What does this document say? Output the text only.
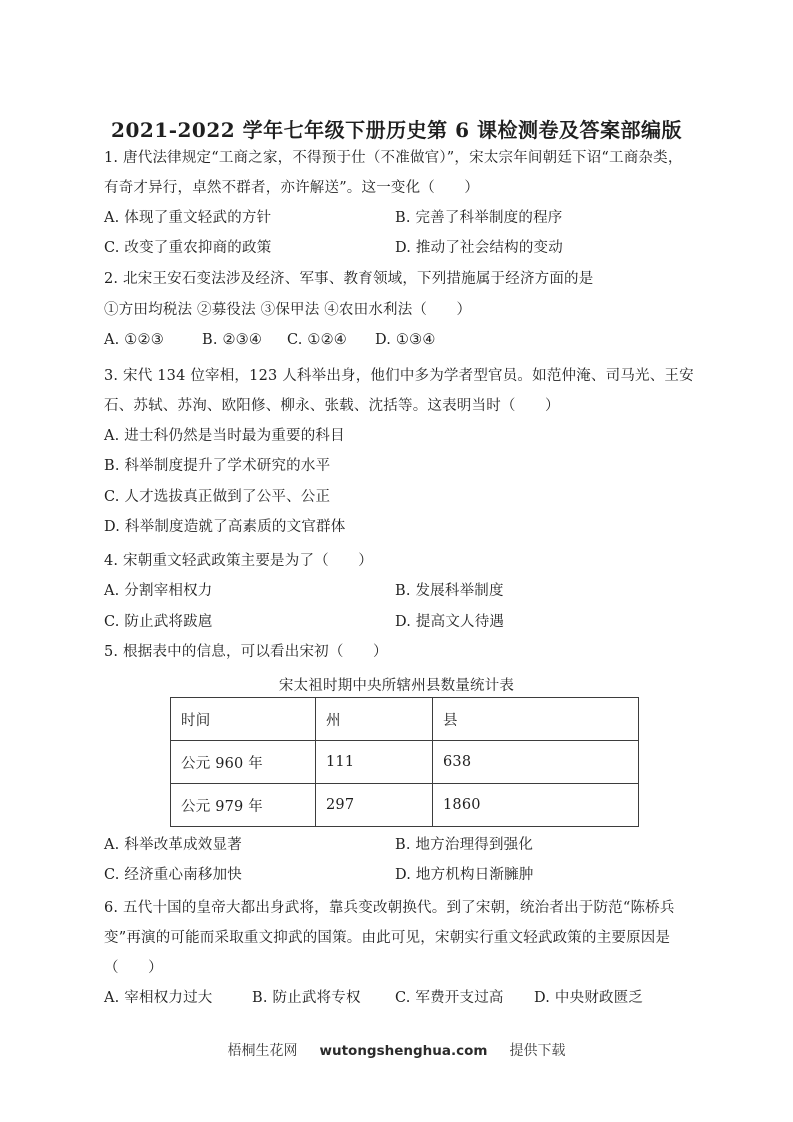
2021-2022 学年七年级下册历史第 6 课检测卷及答案部编版
1. 唐代法律规定“工商之家，不得预于仕（不准做官）”，宋太宗年间朝廷下诏“工商杂类，
有奇才异行，卓然不群者，亦许解送”。这一变化（　　）
A. 体现了重文轻武的方针	B. 完善了科举制度的程序
C. 改变了重农抑商的政策	D. 推动了社会结构的变动
2. 北宋王安石变法涉及经济、军事、教育领域，下列措施属于经济方面的是
①方田均税法 ②募役法 ③保甲法 ④农田水利法（　　）
A. ①②③	B. ②③④ C. ①②④ D. ①③④
3. 宋代 134 位宰相，123 人科举出身，他们中多为学者型官员。如范仲淹、司马光、王安
石、苏轼、苏洵、欧阳修、柳永、张载、沈括等。这表明当时（　　）
A. 进士科仍然是当时最为重要的科目
B. 科举制度提升了学术研究的水平
C. 人才选拔真正做到了公平、公正
D. 科举制度造就了高素质的文官群体
4. 宋朝重文轻武政策主要是为了（　　）
A. 分割宰相权力	B. 发展科举制度
C. 防止武将跋扈	D. 提高文人待遇
5. 根据表中的信息，可以看出宋初（　　）
宋太祖时期中央所辖州县数量统计表
时间	州	县
公元 960 年	111	638
公元 979 年	297	1860
A. 科举改革成效显著	B. 地方治理得到强化
C. 经济重心南移加快	D. 地方机构日渐臃肿
6. 五代十国的皇帝大都出身武将，靠兵变改朝换代。到了宋朝，统治者出于防范“陈桥兵
变”再演的可能而采取重文抑武的国策。由此可见，宋朝实行重文轻武政策的主要原因是
（　　）
A. 宰相权力过大	B. 防止武将专权 C. 军费开支过高 D. 中央财政匮乏
梧桐生花网 wutongshenghua.com 提供下载
